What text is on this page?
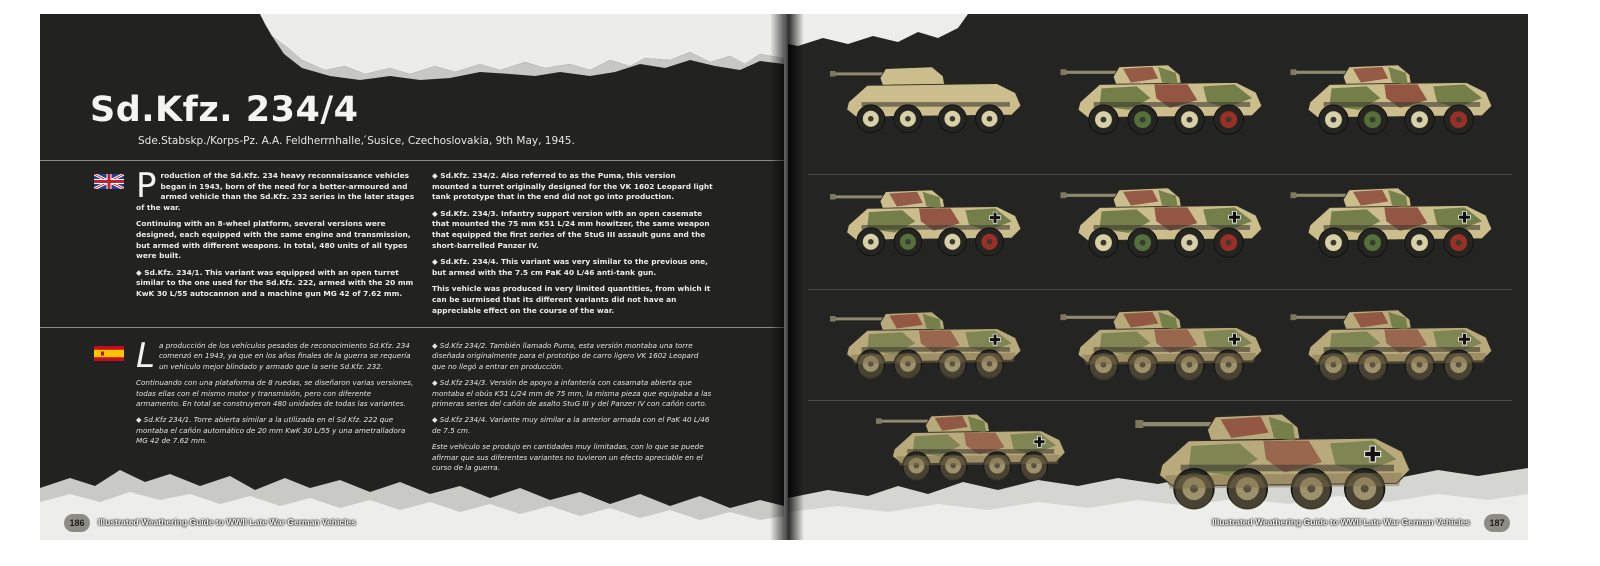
Sd.Kfz. 234/4

Sde.Stabskp./Korps-Pz. A.A. Feldherrnhalle, ́Susice, Czechoslovakia, 9th May, 1945.

Production of the Sd.Kfz. 234 heavy reconnaissance vehicles began in 1943, born of the need for a better-armoured and armed vehicle than the Sd.Kfz. 232 series in the later stages of the war.

Continuing with an 8-wheel platform, several versions were designed, each equipped with the same engine and transmission, but armed with different weapons. In total, 480 units of all types were built.

◆ Sd.Kfz. 234/1. This variant was equipped with an open turret similar to the one used for the Sd.Kfz. 222, armed with the 20 mm KwK 30 L/55 autocannon and a machine gun MG 42 of 7.62 mm.

◆ Sd.Kfz. 234/2. Also referred to as the Puma, this version mounted a turret originally designed for the VK 1602 Leopard light tank prototype that in the end did not go into production.

◆ Sd.Kfz. 234/3. Infantry support version with an open casemate that mounted the 75 mm K51 L/24 mm howitzer, the same weapon that equipped the first series of the StuG III assault guns and the short-barrelled Panzer IV.

◆ Sd.Kfz. 234/4. This variant was very similar to the previous one, but armed with the 7.5 cm PaK 40 L/46 anti-tank gun.

This vehicle was produced in very limited quantities, from which it can be surmised that its different variants did not have an appreciable effect on the course of the war.

La producción de los vehículos pesados de reconocimiento Sd.Kfz. 234 comenzó en 1943, ya que en los años finales de la guerra se requería un vehículo mejor blindado y armado que la serie Sd.Kfz. 232.

Continuando con una plataforma de 8 ruedas, se diseñaron varias versiones, todas ellas con el mismo motor y transmisión, pero con diferente armamento. En total se construyeron 480 unidades de todas las variantes.

◆ Sd.Kfz 234/1. Torre abierta similar a la utilizada en el Sd.Kfz. 222 que montaba el cañón automático de 20 mm KwK 30 L/55 y una ametralladora MG 42 de 7.62 mm.

◆ Sd.Kfz 234/2. También llamado Puma, esta versión montaba una torre diseñada originalmente para el prototipo de carro ligero VK 1602 Leopard que no llegó a entrar en producción.

◆ Sd.Kfz 234/3. Versión de apoyo a infantería con casamata abierta que montaba el obús K51 L/24 mm de 75 mm, la misma pieza que equipaba a las primeras series del cañón de asalto StuG III y del Panzer IV con cañón corto.

◆ Sd.Kfz 234/4. Variante muy similar a la anterior armada con el PaK 40 L/46 de 7.5 cm.

Este vehículo se produjo en cantidades muy limitadas, con lo que se puede afirmar que sus diferentes variantes no tuvieron un efecto apreciable en el curso de la guerra.

186	Illustrated Weathering Guide to WWII Late War German Vehicles	Illustrated Weathering Guide to WWII Late War German Vehicles	187
